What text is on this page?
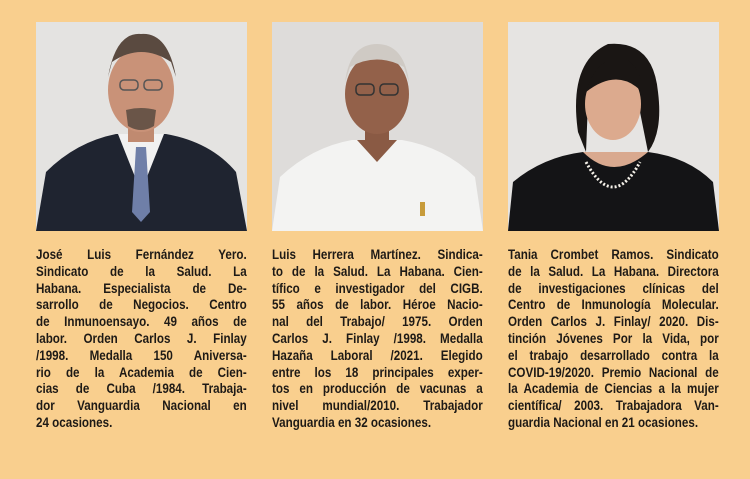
José Luis Fernández Yero.
Sindicato de la Salud. La
Habana. Especialista de De-
sarrollo de Negocios. Centro
de Inmunoensayo. 49 años de
labor. Orden Carlos J. Finlay
/1998. Medalla 150 Aniversa-
rio de la Academia de Cien-
cias de Cuba /1984. Trabaja-
dor Vanguardia Nacional en
24 ocasiones.
Luis Herrera Martínez. Sindica-
to de la Salud. La Habana. Cien-
tífico e investigador del CIGB.
55 años de labor. Héroe Nacio-
nal del Trabajo/ 1975. Orden
Carlos J. Finlay /1998. Medalla
Hazaña Laboral /2021. Elegido
entre los 18 principales exper-
tos en producción de vacunas a
nivel mundial/2010. Trabajador
Vanguardia en 32 ocasiones.
Tania Crombet Ramos. Sindicato
de la Salud. La Habana. Directora
de investigaciones clínicas del
Centro de Inmunología Molecular.
Orden Carlos J. Finlay/ 2020. Dis-
tinción Jóvenes Por la Vida, por
el trabajo desarrollado contra la
COVID-19/2020. Premio Nacional de
la Academia de Ciencias a la mujer
científica/ 2003. Trabajadora Van-
guardia Nacional en 21 ocasiones.
